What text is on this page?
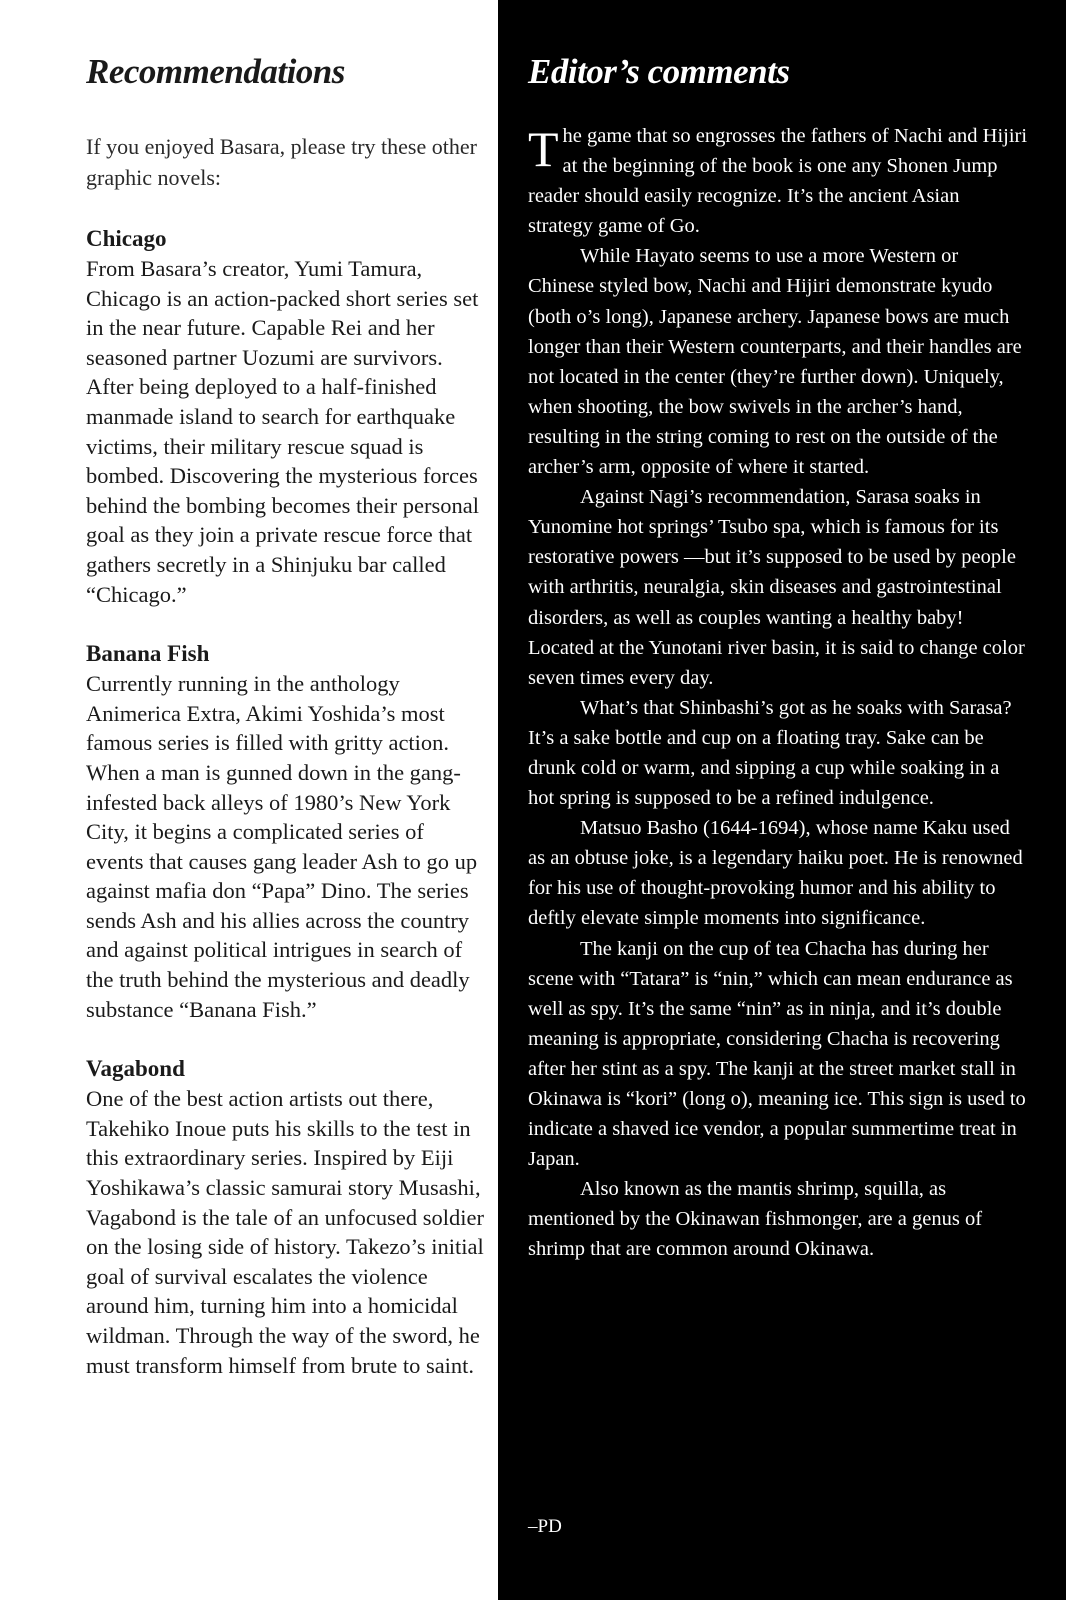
Recommendations

If you enjoyed Basara, please try these other graphic novels:

Chicago

From Basara’s creator, Yumi Tamura, Chicago is an action-packed short series set in the near future. Capable Rei and her seasoned partner Uozumi are survivors. After being deployed to a half-finished manmade island to search for earthquake victims, their military rescue squad is bombed. Discovering the mysterious forces behind the bombing becomes their personal goal as they join a private rescue force that gathers secretly in a Shinjuku bar called “Chicago.”

Banana Fish

Currently running in the anthology Animerica Extra, Akimi Yoshida’s most famous series is filled with gritty action. When a man is gunned down in the gang-infested back alleys of 1980’s New York City, it begins a complicated series of events that causes gang leader Ash to go up against mafia don “Papa” Dino. The series sends Ash and his allies across the country and against political intrigues in search of the truth behind the mysterious and deadly substance “Banana Fish.”

Vagabond

One of the best action artists out there, Takehiko Inoue puts his skills to the test in this extraordinary series. Inspired by Eiji Yoshikawa’s classic samurai story Musashi, Vagabond is the tale of an unfocused soldier on the losing side of history. Takezo’s initial goal of survival escalates the violence around him, turning him into a homicidal wildman. Through the way of the sword, he must transform himself from brute to saint.

Editor’s comments

The game that so engrosses the fathers of Nachi and Hijiri at the beginning of the book is one any Shonen Jump reader should easily recognize. It’s the ancient Asian strategy game of Go.

While Hayato seems to use a more Western or Chinese styled bow, Nachi and Hijiri demonstrate kyudo (both o’s long), Japanese archery. Japanese bows are much longer than their Western counterparts, and their handles are not located in the center (they’re further down). Uniquely, when shooting, the bow swivels in the archer’s hand, resulting in the string coming to rest on the outside of the archer’s arm, opposite of where it started.

Against Nagi’s recommendation, Sarasa soaks in Yunomine hot springs’ Tsubo spa, which is famous for its restorative powers —but it’s supposed to be used by people with arthritis, neuralgia, skin diseases and gastrointestinal disorders, as well as couples wanting a healthy baby! Located at the Yunotani river basin, it is said to change color seven times every day.

What’s that Shinbashi’s got as he soaks with Sarasa? It’s a sake bottle and cup on a floating tray. Sake can be drunk cold or warm, and sipping a cup while soaking in a hot spring is supposed to be a refined indulgence.

Matsuo Basho (1644-1694), whose name Kaku used as an obtuse joke, is a legendary haiku poet. He is renowned for his use of thought-provoking humor and his ability to deftly elevate simple moments into significance.

The kanji on the cup of tea Chacha has during her scene with “Tatara” is “nin,” which can mean endurance as well as spy. It’s the same “nin” as in ninja, and it’s double meaning is appropriate, considering Chacha is recovering after her stint as a spy. The kanji at the street market stall in Okinawa is “kori” (long o), meaning ice. This sign is used to indicate a shaved ice vendor, a popular summertime treat in Japan.

Also known as the mantis shrimp, squilla, as mentioned by the Okinawan fishmonger, are a genus of shrimp that are common around Okinawa.

–PD
